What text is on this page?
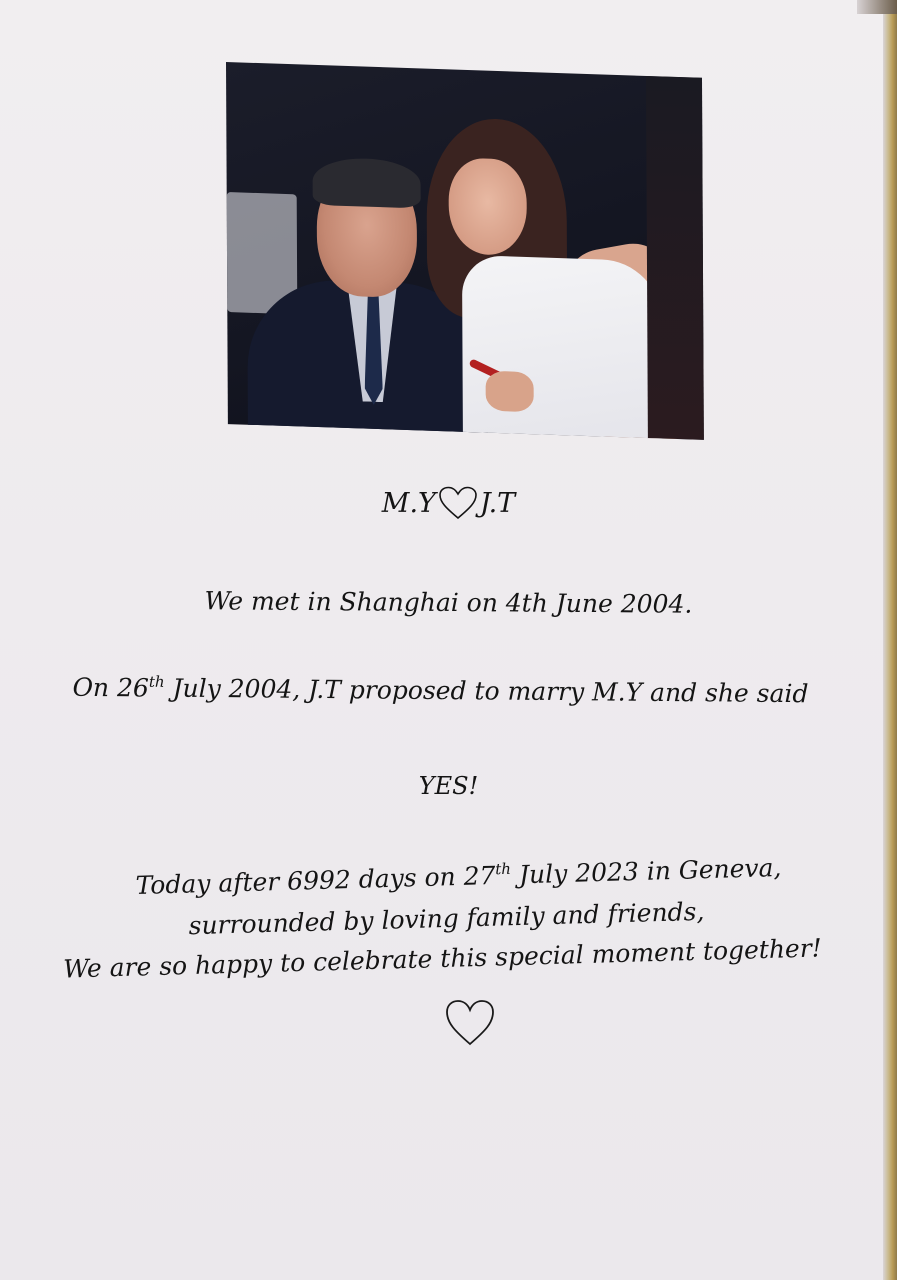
M.Y J.T
We met in Shanghai on 4th June 2004.
On 26th July 2004, J.T proposed to marry M.Y and she said
YES!
Today after 6992 days on 27th July 2023 in Geneva,
surrounded by loving family and friends,
We are so happy to celebrate this special moment together!
